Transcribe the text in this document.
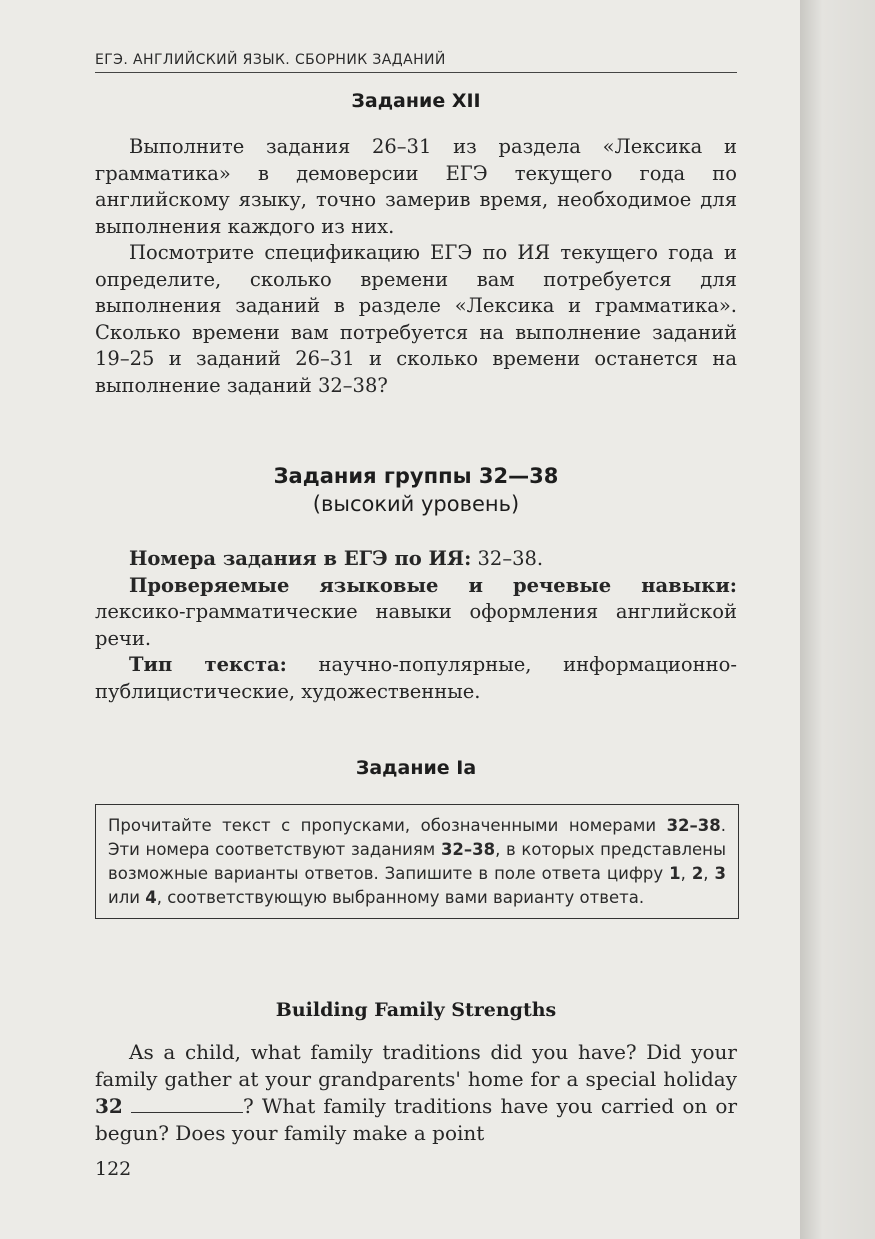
ЕГЭ. АНГЛИЙСКИЙ ЯЗЫК. СБОРНИК ЗАДАНИЙ
Задание XII

Выполните задания 26–31 из раздела «Лексика и грамматика» в демоверсии ЕГЭ текущего года по английскому языку, точно замерив время, необходимое для выполнения каждого из них.

Посмотрите спецификацию ЕГЭ по ИЯ текущего года и определите, сколько времени вам потребуется для выполнения заданий в разделе «Лексика и грамматика». Сколько времени вам потребуется на выполнение заданий 19–25 и заданий 26–31 и сколько времени останется на выполнение заданий 32–38?

Задания группы 32—38
(высокий уровень)

Номера задания в ЕГЭ по ИЯ: 32–38.

Проверяемые языковые и речевые навыки: лексико-грамматические навыки оформления английской речи.

Тип текста: научно-популярные, информационно-публицистические, художественные.

Задание Ia
Прочитайте текст с пропусками, обозначенными номерами 32–38. Эти номера соответствуют заданиям 32–38, в которых представлены возможные варианты ответов. Запишите в поле ответа цифру 1, 2, 3 или 4, соответствующую выбранному вами варианту ответа.
Building Family Strengths

As a child, what family traditions did you have? Did your family gather at your grandparents' home for a special holiday 32	? What family traditions have you carried on or begun? Does your family make a point

122
